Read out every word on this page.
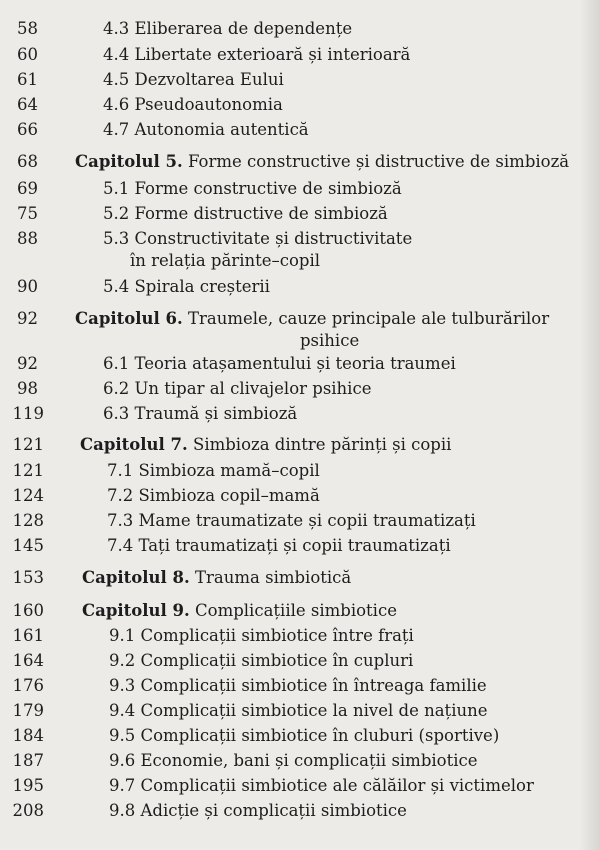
58	4.3 Eliberarea de dependențe
60	4.4 Libertate exterioară și interioară
61	4.5 Dezvoltarea Eului
64	4.6 Pseudoautonomia
66	4.7 Autonomia autentică
68 Capitolul 5. Forme constructive și distructive de simbioză
69	5.1 Forme constructive de simbioză
75	5.2 Forme distructive de simbioză
88	5.3 Constructivitate și distructivitate
în relația părinte–copil
90	5.4 Spirala creșterii
92 Capitolul 6. Traumele, cauze principale ale tulburărilor
psihice
92	6.1 Teoria atașamentului și teoria traumei
98	6.2 Un tipar al clivajelor psihice
119	6.3 Traumă și simbioză
121 Capitolul 7. Simbioza dintre părinți și copii
121	7.1 Simbioza mamă–copil
124	7.2 Simbioza copil–mamă
128	7.3 Mame traumatizate și copii traumatizați
145	7.4 Tați traumatizați și copii traumatizați
153 Capitolul 8. Trauma simbiotică
160 Capitolul 9. Complicațiile simbiotice
161	9.1 Complicații simbiotice între frați
164	9.2 Complicații simbiotice în cupluri
176	9.3 Complicații simbiotice în întreaga familie
179	9.4 Complicații simbiotice la nivel de națiune
184	9.5 Complicații simbiotice în cluburi (sportive)
187	9.6 Economie, bani și complicații simbiotice
195	9.7 Complicații simbiotice ale călăilor și victimelor
208	9.8 Adicție și complicații simbiotice
